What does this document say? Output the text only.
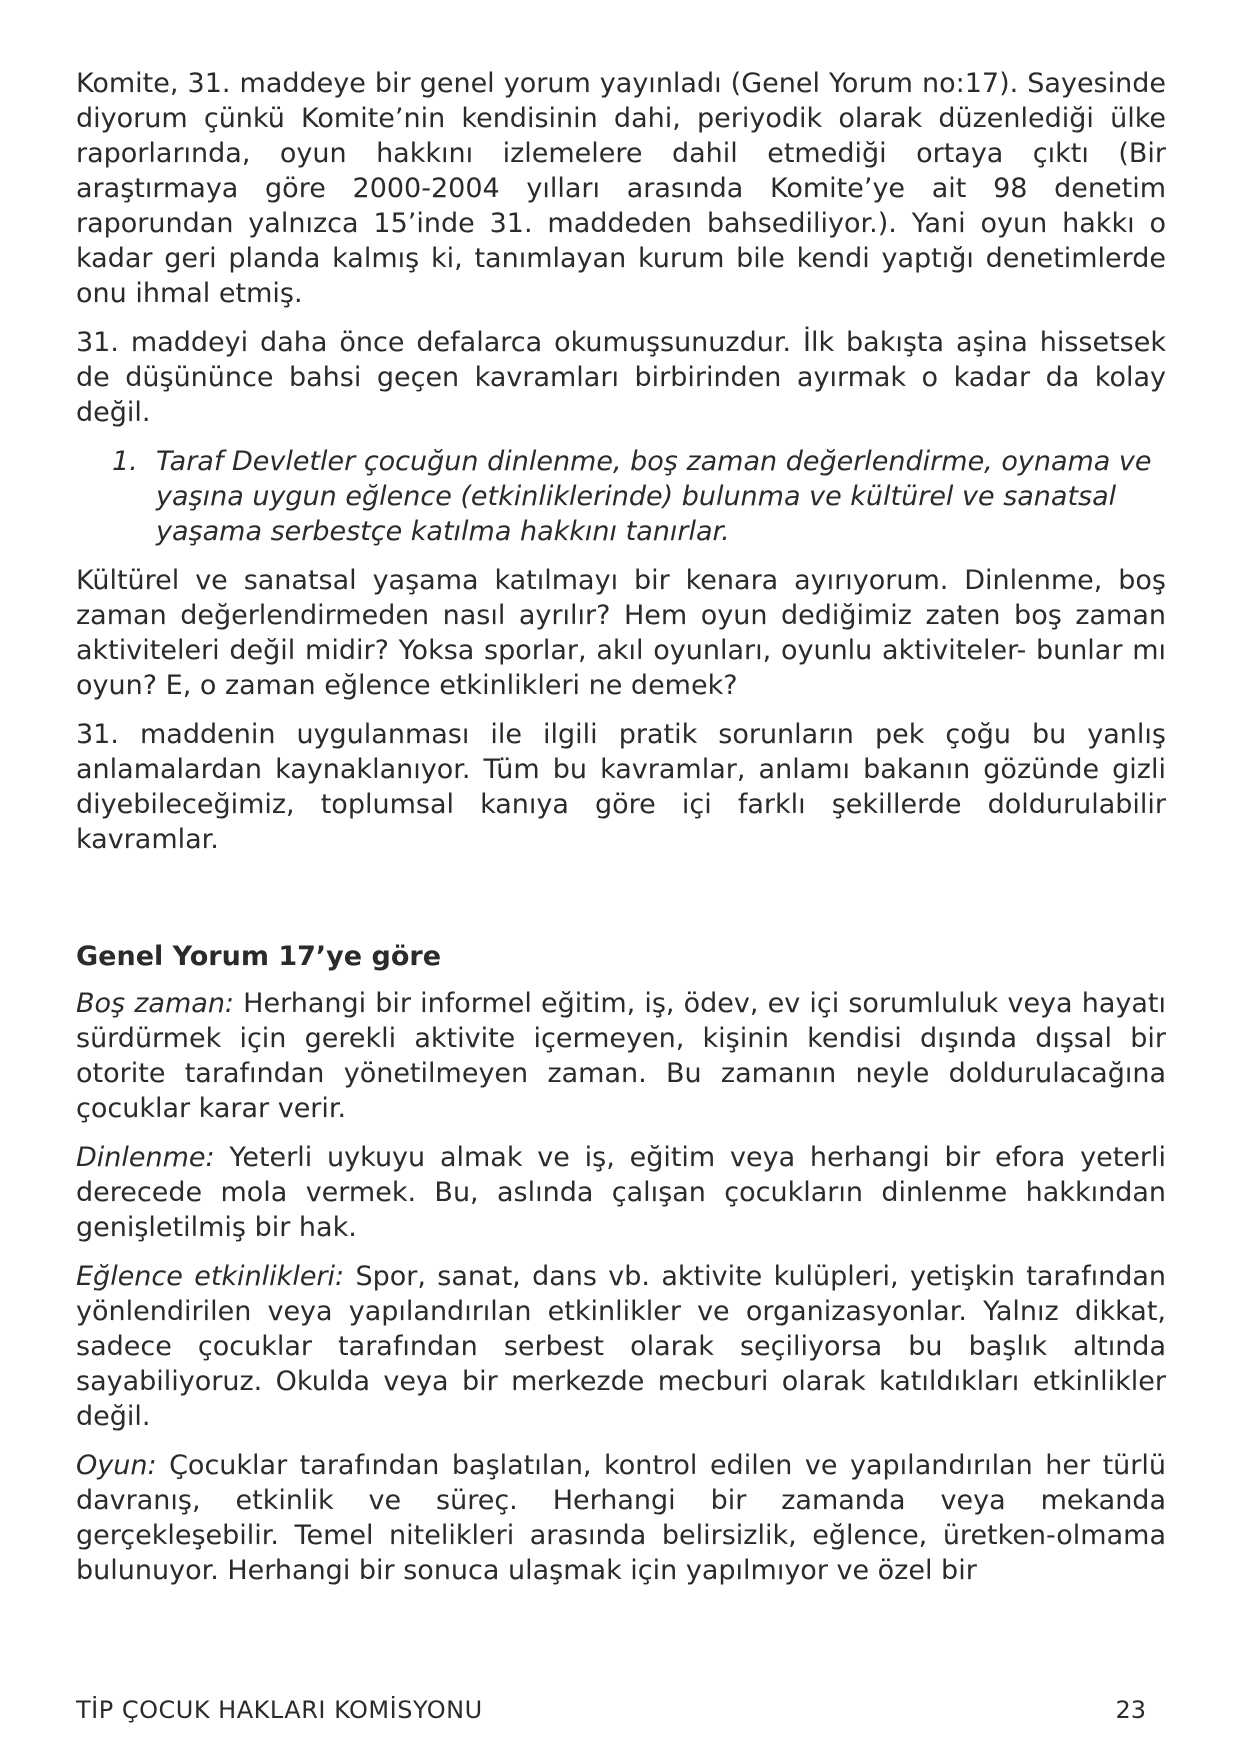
Komite, 31. maddeye bir genel yorum yayınladı (Genel Yorum no:17). Sayesinde diyorum çünkü Komite’nin kendisinin dahi, periyodik olarak düzenlediği ülke raporlarında, oyun hakkını izlemelere dahil etmediği ortaya çıktı (Bir araştırmaya göre 2000-2004 yılları arasında Komite’ye ait 98 denetim raporundan yalnızca 15’inde 31. maddeden bahsediliyor.). Yani oyun hakkı o kadar geri planda kalmış ki, tanımlayan kurum bile kendi yaptığı denetimlerde onu ihmal etmiş.

31. maddeyi daha önce defalarca okumuşsunuzdur. İlk bakışta aşina hissetsek de düşününce bahsi geçen kavramları birbirinden ayırmak o kadar da kolay değil.

1. Taraf Devletler çocuğun dinlenme, boş zaman değerlendirme, oynama ve yaşına uygun eğlence (etkinliklerinde) bulunma ve kültürel ve sanatsal yaşama serbestçe katılma hakkını tanırlar.

Kültürel ve sanatsal yaşama katılmayı bir kenara ayırıyorum. Dinlenme, boş zaman değerlendirmeden nasıl ayrılır? Hem oyun dediğimiz zaten boş zaman aktiviteleri değil midir? Yoksa sporlar, akıl oyunları, oyunlu aktiviteler- bunlar mı oyun? E, o zaman eğlence etkinlikleri ne demek?

31. maddenin uygulanması ile ilgili pratik sorunların pek çoğu bu yanlış anlamalardan kaynaklanıyor. Tüm bu kavramlar, anlamı bakanın gözünde gizli diyebileceğimiz, toplumsal kanıya göre içi farklı şekillerde doldurulabilir kavramlar.

Genel Yorum 17’ye göre

Boş zaman: Herhangi bir informel eğitim, iş, ödev, ev içi sorumluluk veya hayatı sürdürmek için gerekli aktivite içermeyen, kişinin kendisi dışında dışsal bir otorite tarafından yönetilmeyen zaman. Bu zamanın neyle doldurulacağına çocuklar karar verir.

Dinlenme: Yeterli uykuyu almak ve iş, eğitim veya herhangi bir efora yeterli derecede mola vermek. Bu, aslında çalışan çocukların dinlenme hakkından genişletilmiş bir hak.

Eğlence etkinlikleri: Spor, sanat, dans vb. aktivite kulüpleri, yetişkin tarafından yönlendirilen veya yapılandırılan etkinlikler ve organizasyonlar. Yalnız dikkat, sadece çocuklar tarafından serbest olarak seçiliyorsa bu başlık altında sayabiliyoruz. Okulda veya bir merkezde mecburi olarak katıldıkları etkinlikler değil.

Oyun: Çocuklar tarafından başlatılan, kontrol edilen ve yapılandırılan her türlü davranış, etkinlik ve süreç. Herhangi bir zamanda veya mekanda gerçekleşebilir. Temel nitelikleri arasında belirsizlik, eğlence, üretken-olmama bulunuyor. Herhangi bir sonuca ulaşmak için yapılmıyor ve özel bir

TİP ÇOCUK HAKLARI KOMİSYONU	23
